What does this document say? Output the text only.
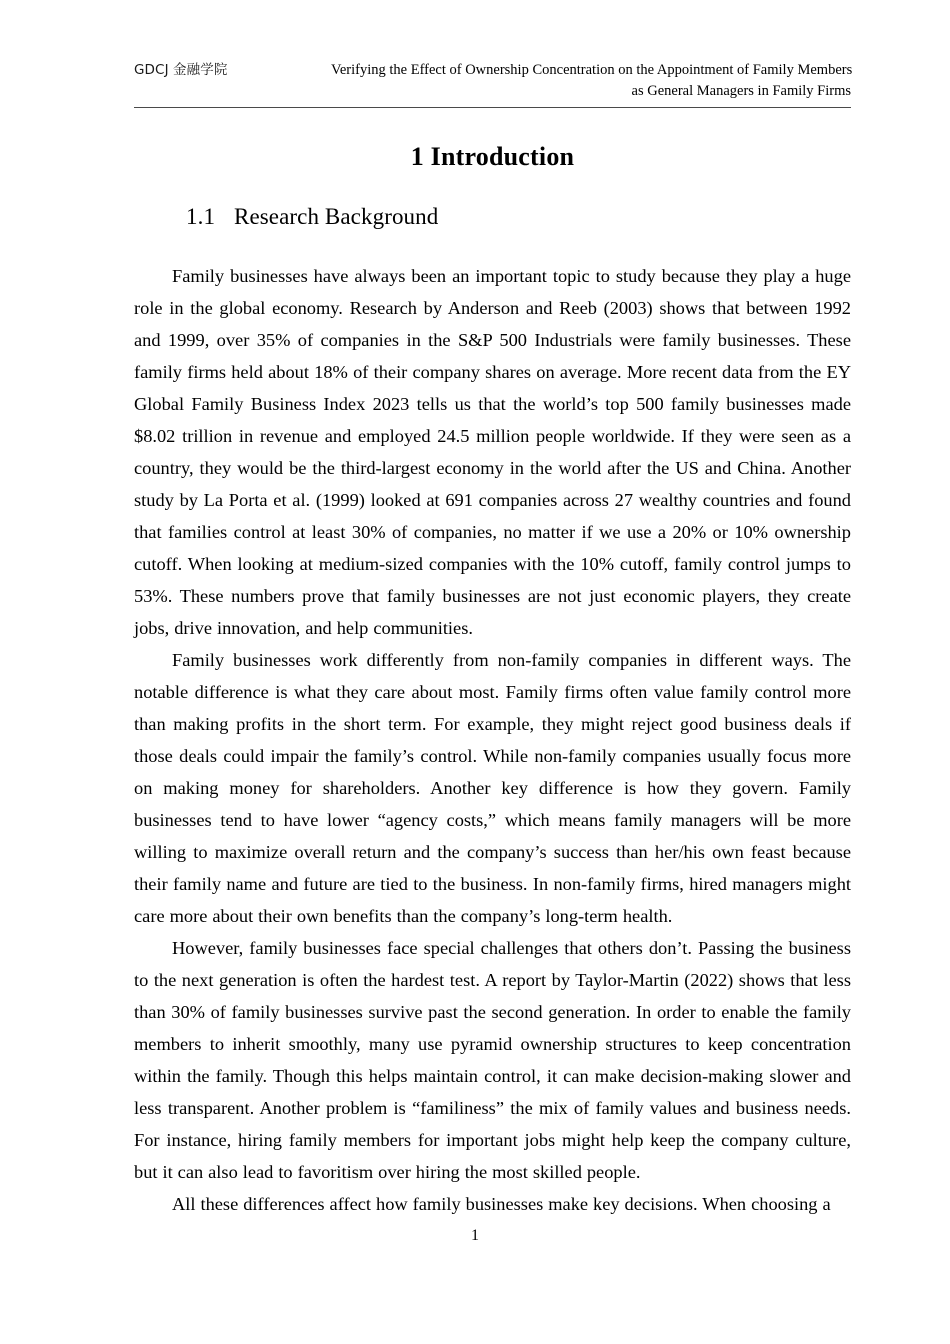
GDCJ 金融学院	Verifying the Effect of Ownership Concentration on the Appointment of Family Members
as General Managers in Family Firms
1 Introduction
1.1 Research Background

Family businesses have always been an important topic to study because they play a huge role in the global economy. Research by Anderson and Reeb (2003) shows that between 1992 and 1999, over 35% of companies in the S&P 500 Industrials were family businesses. These family firms held about 18% of their company shares on average. More recent data from the EY Global Family Business Index 2023 tells us that the world’s top 500 family businesses made $8.02 trillion in revenue and employed 24.5 million people worldwide. If they were seen as a country, they would be the third-largest economy in the world after the US and China. Another study by La Porta et al. (1999) looked at 691 companies across 27 wealthy countries and found that families control at least 30% of companies, no matter if we use a 20% or 10% ownership cutoff. When looking at medium-sized companies with the 10% cutoff, family control jumps to 53%. These numbers prove that family businesses are not just economic players, they create jobs, drive innovation, and help communities.

Family businesses work differently from non-family companies in different ways. The notable difference is what they care about most. Family firms often value family control more than making profits in the short term. For example, they might reject good business deals if those deals could impair the family’s control. While non-family companies usually focus more on making money for shareholders. Another key difference is how they govern. Family businesses tend to have lower “agency costs,” which means family managers will be more willing to maximize overall return and the company’s success than her/his own feast because their family name and future are tied to the business. In non-family firms, hired managers might care more about their own benefits than the company’s long-term health.

However, family businesses face special challenges that others don’t. Passing the business to the next generation is often the hardest test. A report by Taylor-Martin (2022) shows that less than 30% of family businesses survive past the second generation. In order to enable the family members to inherit smoothly, many use pyramid ownership structures to keep concentration within the family. Though this helps maintain control, it can make decision-making slower and less transparent. Another problem is “familiness” the mix of family values and business needs. For instance, hiring family members for important jobs might help keep the company culture, but it can also lead to favoritism over hiring the most skilled people.

All these differences affect how family businesses make key decisions. When choosing a

1
